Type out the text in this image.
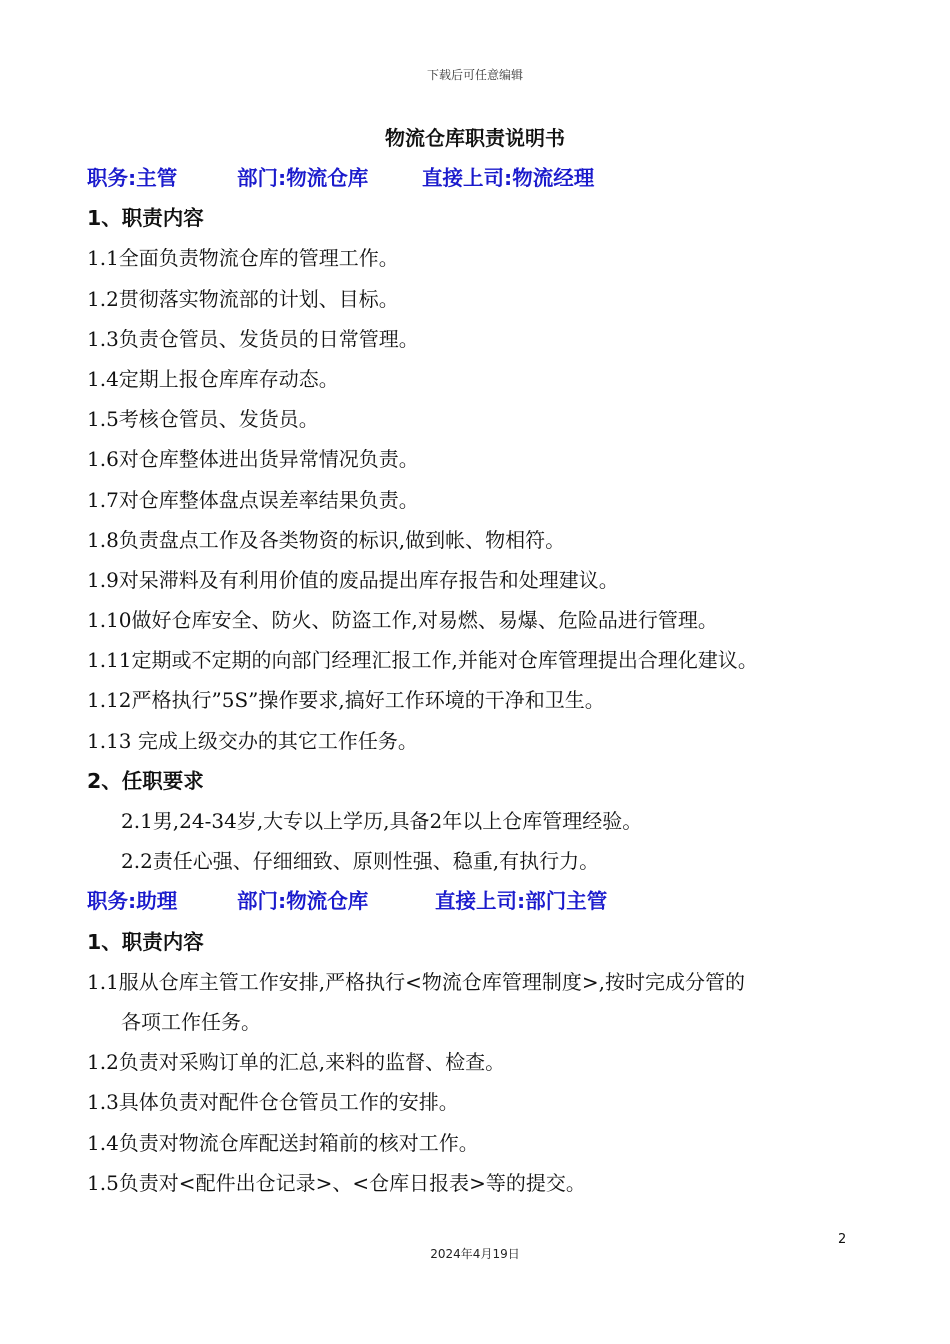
下载后可任意编辑
物流仓库职责说明书
职务:主管	部门:物流仓库	直接上司:物流经理
1、职责内容
1.1全面负责物流仓库的管理工作。
1.2贯彻落实物流部的计划、目标。
1.3负责仓管员、发货员的日常管理。
1.4定期上报仓库库存动态。
1.5考核仓管员、发货员。
1.6对仓库整体进出货异常情况负责。
1.7对仓库整体盘点误差率结果负责。
1.8负责盘点工作及各类物资的标识,做到帐、物相符。
1.9对呆滞料及有利用价值的废品提出库存报告和处理建议。
1.10做好仓库安全、防火、防盗工作,对易燃、易爆、危险品进行管理。
1.11定期或不定期的向部门经理汇报工作,并能对仓库管理提出合理化建议。
1.12严格执行”5S”操作要求,搞好工作环境的干净和卫生。
1.13 完成上级交办的其它工作任务。
2、任职要求
2.1男,24-34岁,大专以上学历,具备2年以上仓库管理经验。
2.2责任心强、仔细细致、原则性强、稳重,有执行力。
职务:助理	部门:物流仓库	直接上司:部门主管
1、职责内容
1.1服从仓库主管工作安排,严格执行<物流仓库管理制度>,按时完成分管的
各项工作任务。
1.2负责对采购订单的汇总,来料的监督、检查。
1.3具体负责对配件仓仓管员工作的安排。
1.4负责对物流仓库配送封箱前的核对工作。
1.5负责对<配件出仓记录>、<仓库日报表>等的提交。
2
2024年4月19日
